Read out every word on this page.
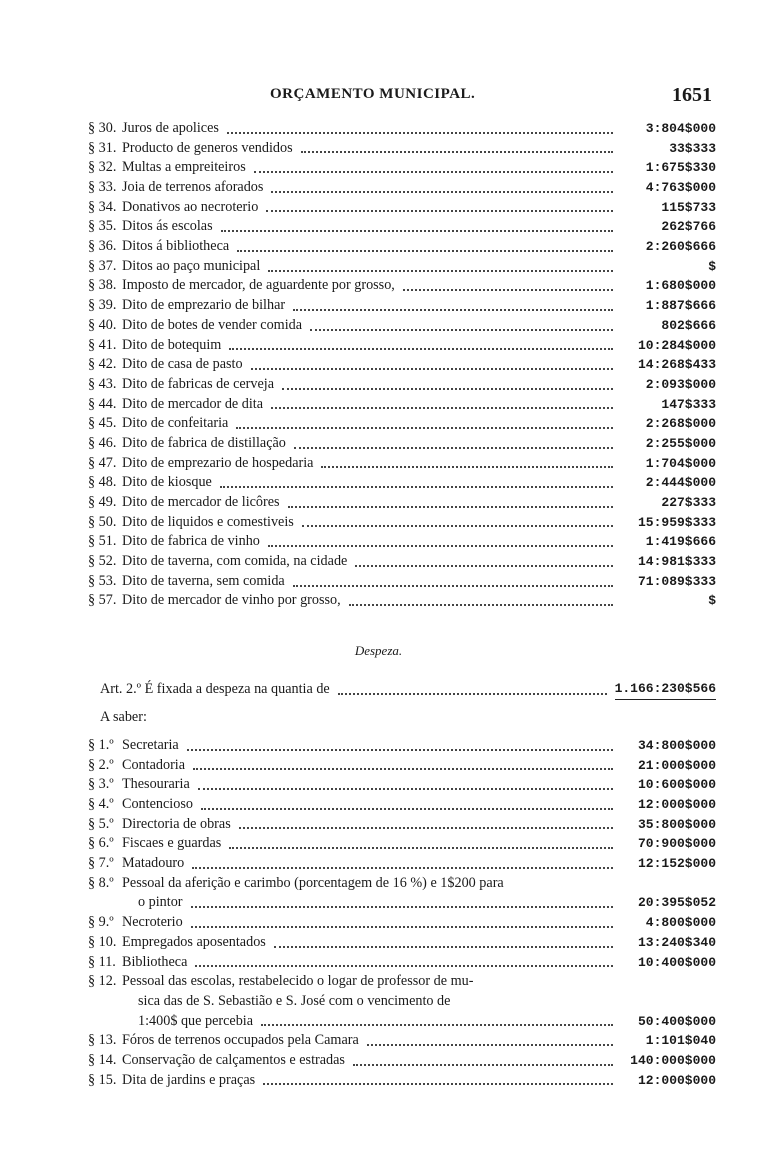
ORÇAMENTO MUNICIPAL.	1651
§ 30. Juros de apolices	3:804$000
§ 31. Producto de generos vendidos	33$333
§ 32. Multas a empreiteiros	1:675$330
§ 33. Joia de terrenos aforados	4:763$000
§ 34. Donativos ao necroterio	115$733
§ 35. Ditos ás escolas	262$766
§ 36. Ditos á bibliotheca	2:260$666
§ 37. Ditos ao paço municipal	$
§ 38. Imposto de mercador, de aguardente por grosso,	1:680$000
§ 39. Dito de emprezario de bilhar	1:887$666
§ 40. Dito de botes de vender comida	802$666
§ 41. Dito de botequim	10:284$000
§ 42. Dito de casa de pasto	14:268$433
§ 43. Dito de fabricas de cerveja	2:093$000
§ 44. Dito de mercador de dita	147$333
§ 45. Dito de confeitaria	2:268$000
§ 46. Dito de fabrica de distillação	2:255$000
§ 47. Dito de emprezario de hospedaria	1:704$000
§ 48. Dito de kiosque	2:444$000
§ 49. Dito de mercador de licôres	227$333
§ 50. Dito de liquidos e comestiveis	15:959$333
§ 51. Dito de fabrica de vinho	1:419$666
§ 52. Dito de taverna, com comida, na cidade	14:981$333
§ 53. Dito de taverna, sem comida	71:089$333
§ 57. Dito de mercador de vinho por grosso,	$
Despeza.
Art. 2.º É fixada a despeza na quantia de	1.166:230$566
A saber:
§ 1.º Secretaria	34:800$000
§ 2.º Contadoria	21:000$000
§ 3.º Thesouraria	10:600$000
§ 4.º Contencioso	12:000$000
§ 5.º Directoria de obras	35:800$000
§ 6.º Fiscaes e guardas	70:900$000
§ 7.º Matadouro	12:152$000
§ 8.º Pessoal da aferição e carimbo (porcentagem de 16 %) e 1$200 para
o pintor	20:395$052
§ 9.º Necroterio	4:800$000
§ 10. Empregados aposentados	13:240$340
§ 11. Bibliotheca	10:400$000
§ 12. Pessoal das escolas, restabelecido o logar de professor de mu-
sica das de S. Sebastião e S. José com o vencimento de
1:400$ que percebia	50:400$000
§ 13. Fóros de terrenos occupados pela Camara	1:101$040
§ 14. Conservação de calçamentos e estradas	140:000$000
§ 15. Dita de jardins e praças	12:000$000
